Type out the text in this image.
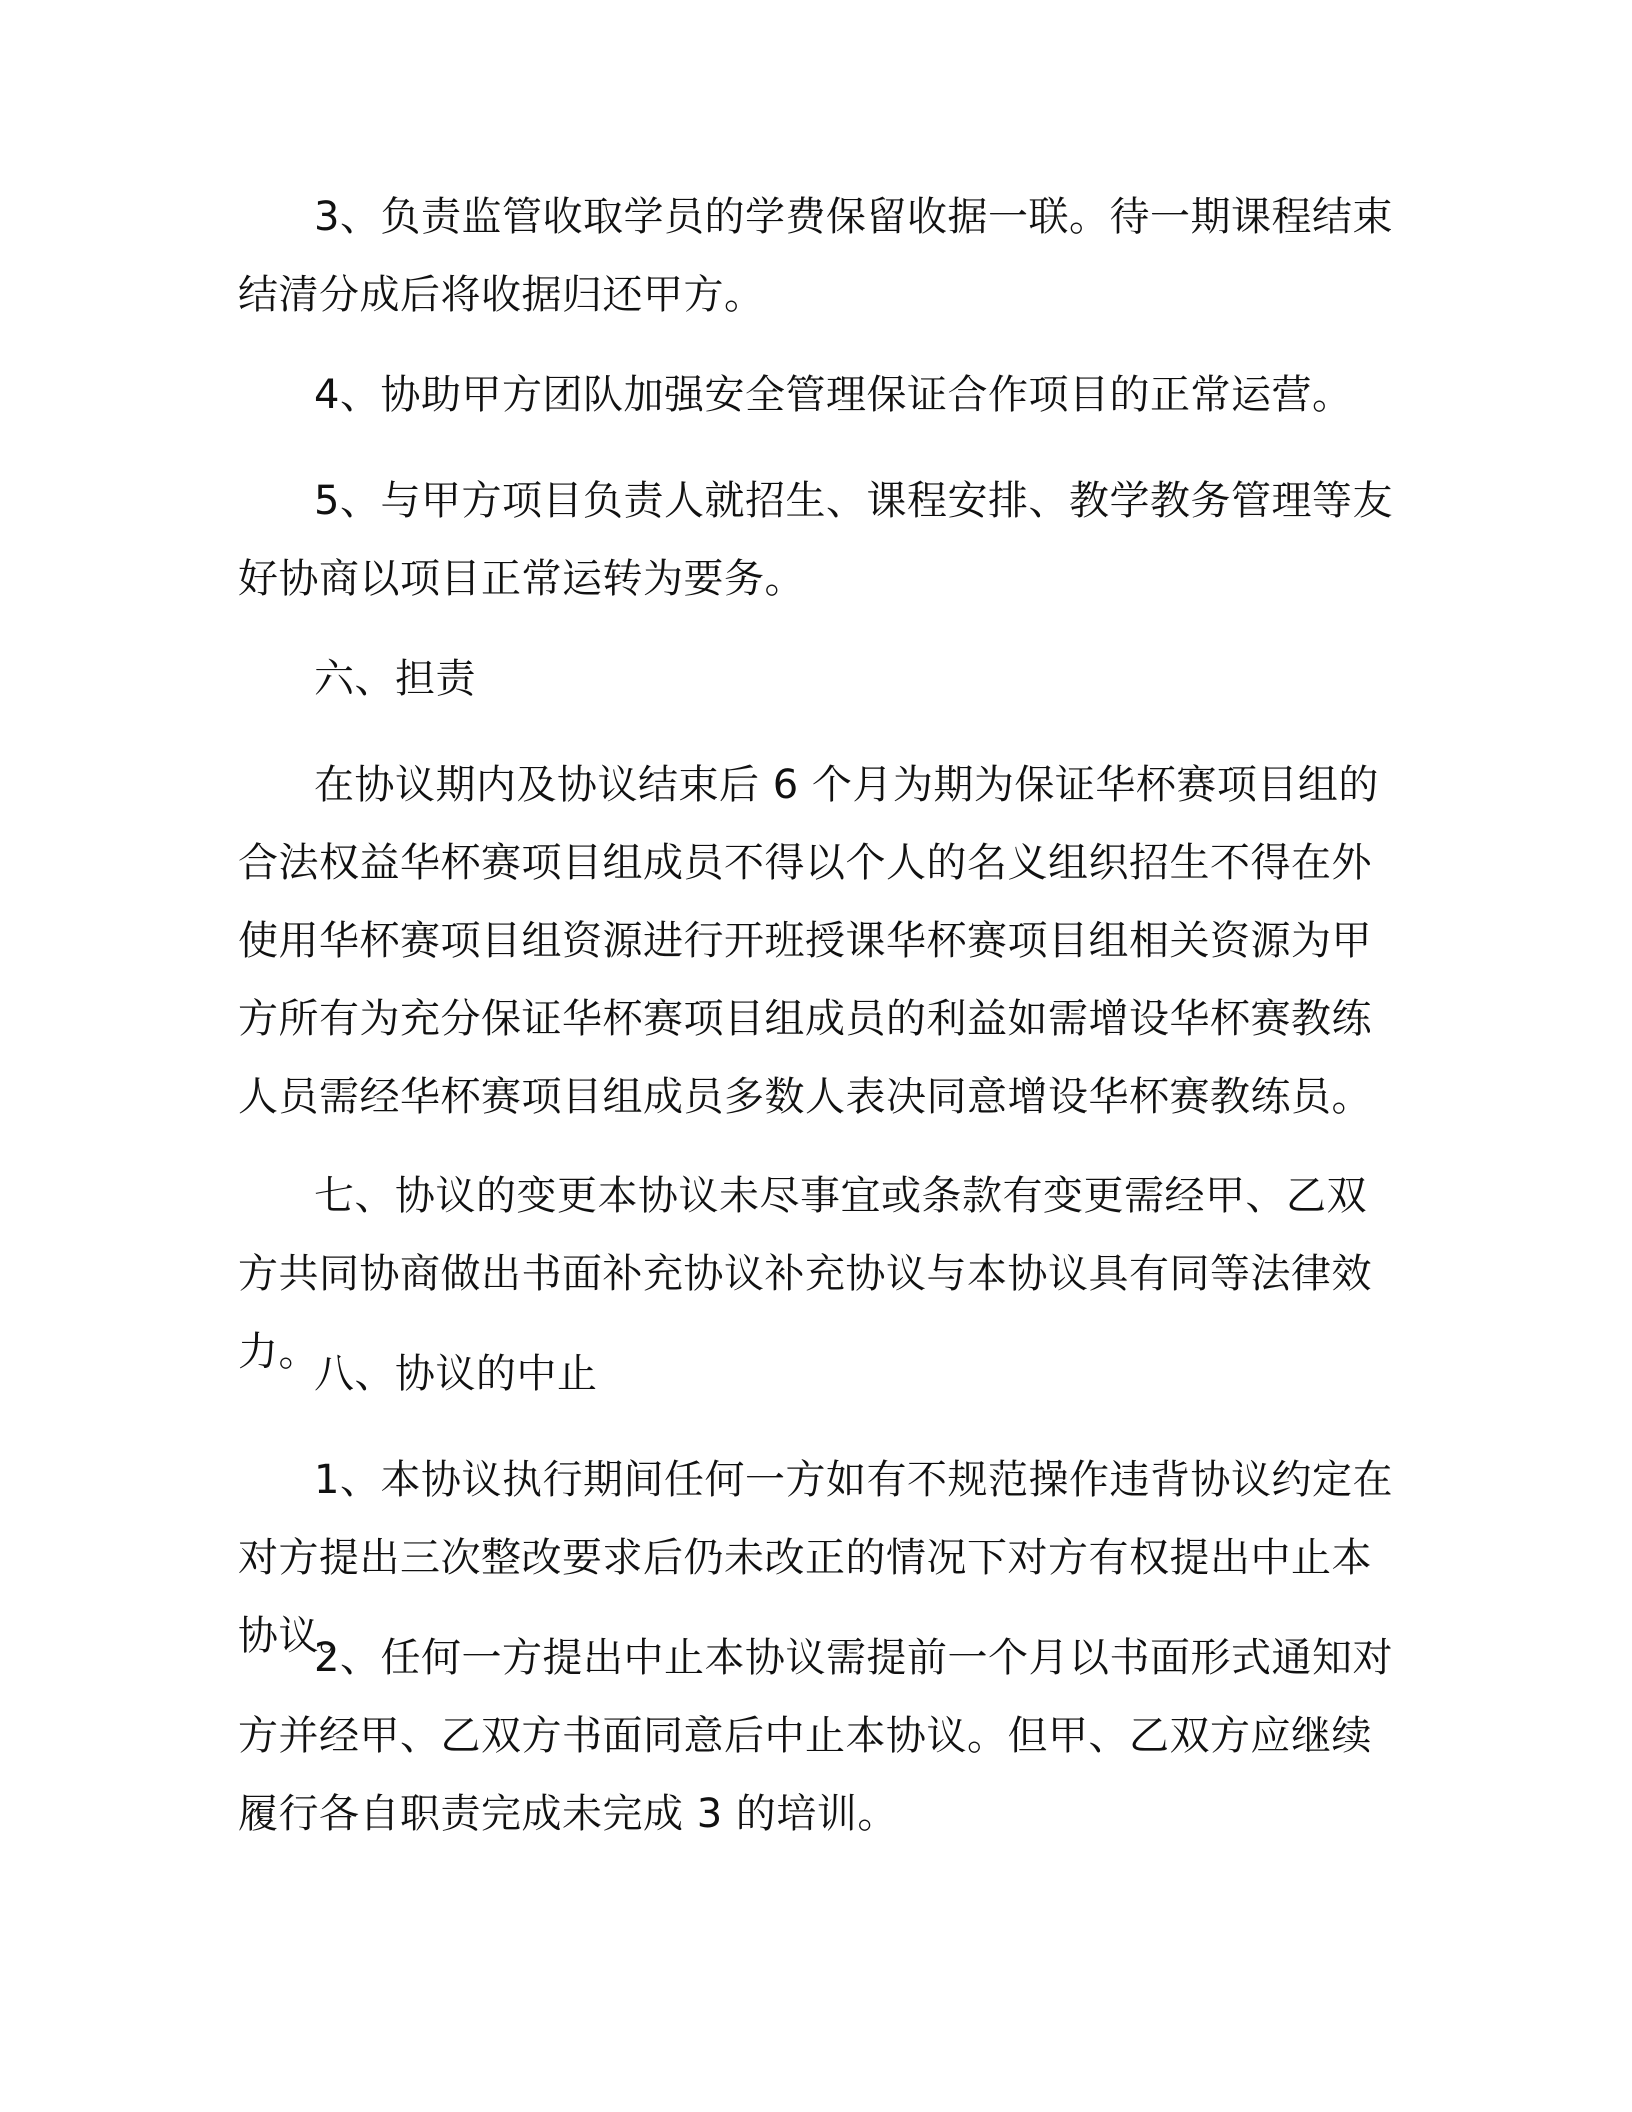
3、负责监管收取学员的学费保留收据一联。待一期课程结束结清分成后将收据归还甲方。

4、协助甲方团队加强安全管理保证合作项目的正常运营。

5、与甲方项目负责人就招生、课程安排、教学教务管理等友好协商以项目正常运转为要务。

六、担责

在协议期内及协议结束后 6 个月为期为保证华杯赛项目组的合法权益华杯赛项目组成员不得以个人的名义组织招生不得在外使用华杯赛项目组资源进行开班授课华杯赛项目组相关资源为甲方所有为充分保证华杯赛项目组成员的利益如需增设华杯赛教练人员需经华杯赛项目组成员多数人表决同意增设华杯赛教练员。

七、协议的变更本协议未尽事宜或条款有变更需经甲、乙双方共同协商做出书面补充协议补充协议与本协议具有同等法律效力。

八、协议的中止

1、本协议执行期间任何一方如有不规范操作违背协议约定在对方提出三次整改要求后仍未改正的情况下对方有权提出中止本协议。

2、任何一方提出中止本协议需提前一个月以书面形式通知对方并经甲、乙双方书面同意后中止本协议。但甲、乙双方应继续履行各自职责完成未完成 3 的培训。
